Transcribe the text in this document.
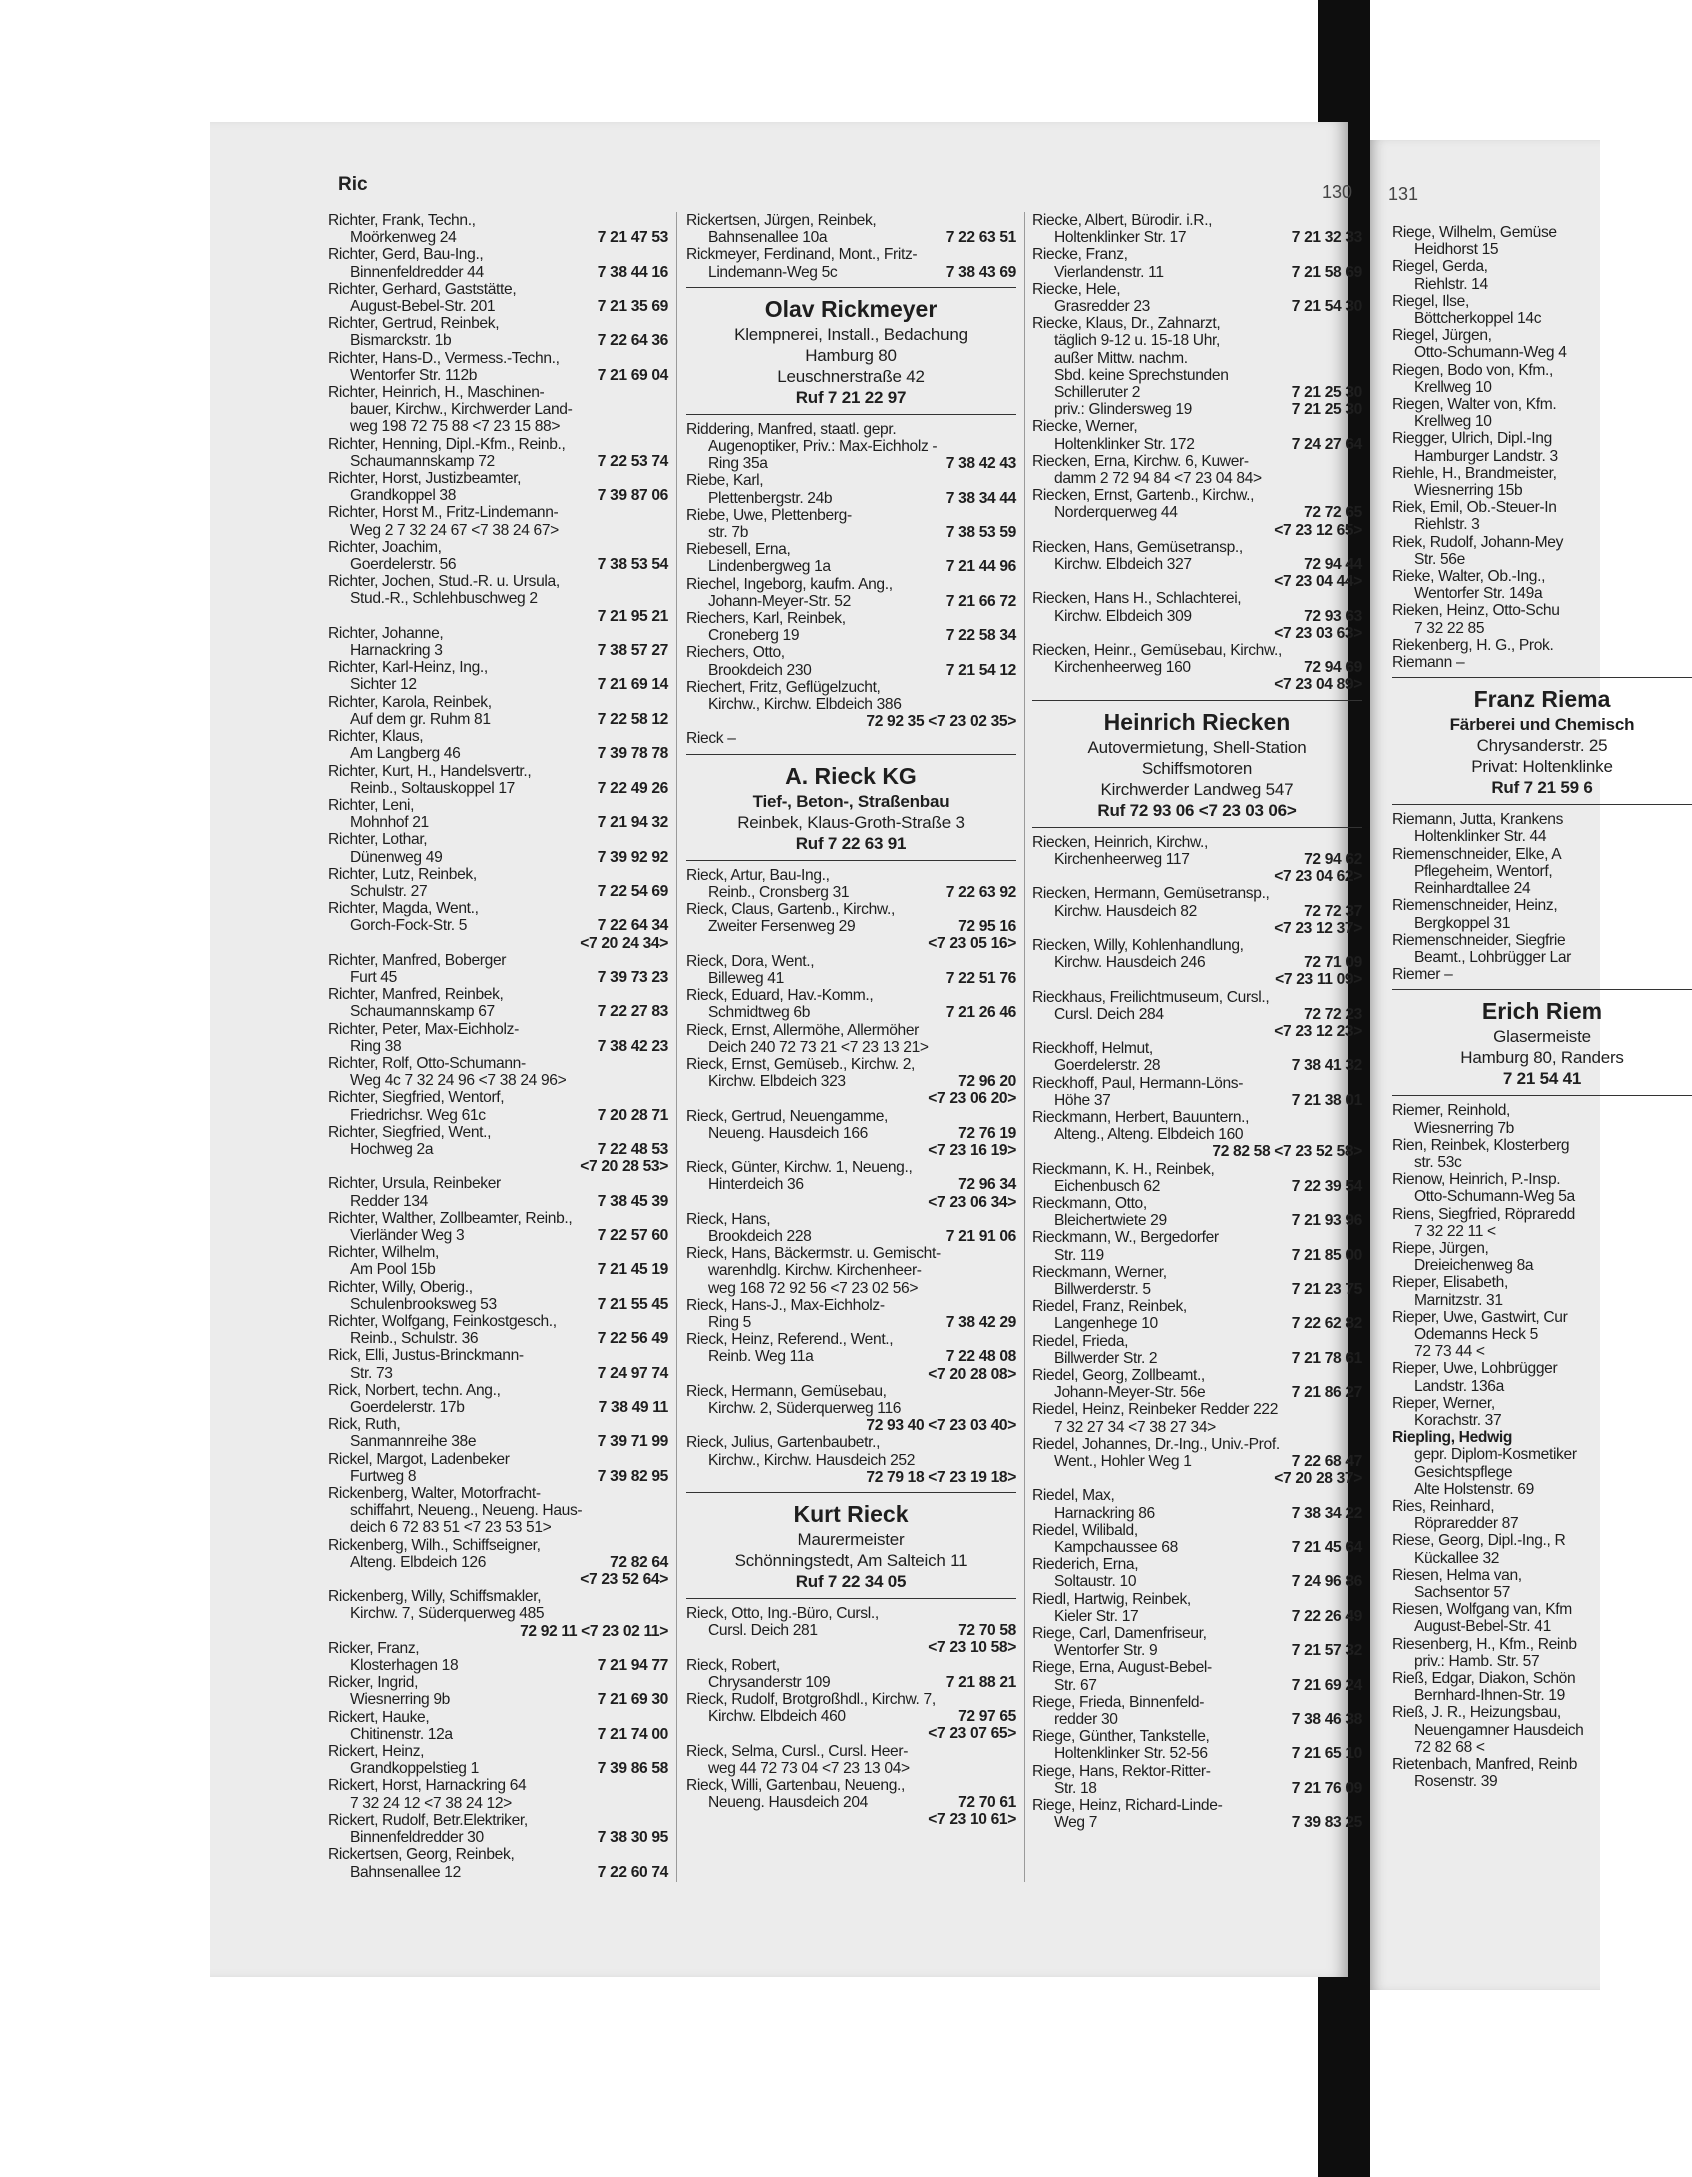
Ric	130
Richter, Frank, Techn.,
Moörkenweg 24	7 21 47 53
Richter, Gerd, Bau-Ing.,
Binnenfeldredder 44	7 38 44 16
Richter, Gerhard, Gaststätte,
August-Bebel-Str. 201	7 21 35 69
Richter, Gertrud, Reinbek,
Bismarckstr. 1b	7 22 64 36
Richter, Hans-D., Vermess.-Techn.,
Wentorfer Str. 112b	7 21 69 04
Richter, Heinrich, H., Maschinen-
bauer, Kirchw., Kirchwerder Land-
weg 198 72 75 88 <7 23 15 88>
Richter, Henning, Dipl.-Kfm., Reinb.,
Schaumannskamp 72	7 22 53 74
Richter, Horst, Justizbeamter,
Grandkoppel 38	7 39 87 06
Richter, Horst M., Fritz-Lindemann-
Weg 2 7 32 24 67 <7 38 24 67>
Richter, Joachim,
Goerdelerstr. 56	7 38 53 54
Richter, Jochen, Stud.-R. u. Ursula,
Stud.-R., Schlehbuschweg 2
7 21 95 21
Richter, Johanne,
Harnackring 3	7 38 57 27
Richter, Karl-Heinz, Ing.,
Sichter 12	7 21 69 14
Richter, Karola, Reinbek,
Auf dem gr. Ruhm 81	7 22 58 12
Richter, Klaus,
Am Langberg 46	7 39 78 78
Richter, Kurt, H., Handelsvertr.,
Reinb., Soltauskoppel 17	7 22 49 26
Richter, Leni,
Mohnhof 21	7 21 94 32
Richter, Lothar,
Dünenweg 49	7 39 92 92
Richter, Lutz, Reinbek,
Schulstr. 27	7 22 54 69
Richter, Magda, Went.,
Gorch-Fock-Str. 5	7 22 64 34
<7 20 24 34>
Richter, Manfred, Boberger
Furt 45	7 39 73 23
Richter, Manfred, Reinbek,
Schaumannskamp 67	7 22 27 83
Richter, Peter, Max-Eichholz-
Ring 38	7 38 42 23
Richter, Rolf, Otto-Schumann-
Weg 4c 7 32 24 96 <7 38 24 96>
Richter, Siegfried, Wentorf,
Friedrichsr. Weg 61c	7 20 28 71
Richter, Siegfried, Went.,
Hochweg 2a	7 22 48 53
<7 20 28 53>
Richter, Ursula, Reinbeker
Redder 134	7 38 45 39
Richter, Walther, Zollbeamter, Reinb.,
Vierländer Weg 3	7 22 57 60
Richter, Wilhelm,
Am Pool 15b	7 21 45 19
Richter, Willy, Oberig.,
Schulenbrooksweg 53	7 21 55 45
Richter, Wolfgang, Feinkostgesch.,
Reinb., Schulstr. 36	7 22 56 49
Rick, Elli, Justus-Brinckmann-
Str. 73	7 24 97 74
Rick, Norbert, techn. Ang.,
Goerdelerstr. 17b	7 38 49 11
Rick, Ruth,
Sanmannreihe 38e	7 39 71 99
Rickel, Margot, Ladenbeker
Furtweg 8	7 39 82 95
Rickenberg, Walter, Motorfracht-
schiffahrt, Neueng., Neueng. Haus-
deich 6 72 83 51 <7 23 53 51>
Rickenberg, Wilh., Schiffseigner,
Alteng. Elbdeich 126	72 82 64
<7 23 52 64>
Rickenberg, Willy, Schiffsmakler,
Kirchw. 7, Süderquerweg 485
72 92 11 <7 23 02 11>
Ricker, Franz,
Klosterhagen 18	7 21 94 77
Ricker, Ingrid,
Wiesnerring 9b	7 21 69 30
Rickert, Hauke,
Chitinenstr. 12a	7 21 74 00
Rickert, Heinz,
Grandkoppelstieg 1	7 39 86 58
Rickert, Horst, Harnackring 64
7 32 24 12 <7 38 24 12>
Rickert, Rudolf, Betr.Elektriker,
Binnenfeldredder 30	7 38 30 95
Rickertsen, Georg, Reinbek,
Bahnsenallee 12	7 22 60 74
Rickertsen, Jürgen, Reinbek,
Bahnsenallee 10a	7 22 63 51
Rickmeyer, Ferdinand, Mont., Fritz-
Lindemann-Weg 5c	7 38 43 69
Olav Rickmeyer
Klempnerei, Install., Bedachung
Hamburg 80
Leuschnerstraße 42
Ruf 7 21 22 97
Riddering, Manfred, staatl. gepr.
Augenoptiker, Priv.: Max-Eichholz -
Ring 35a	7 38 42 43
Riebe, Karl,
Plettenbergstr. 24b	7 38 34 44
Riebe, Uwe, Plettenberg-
str. 7b	7 38 53 59
Riebesell, Erna,
Lindenbergweg 1a	7 21 44 96
Riechel, Ingeborg, kaufm. Ang.,
Johann-Meyer-Str. 52	7 21 66 72
Riechers, Karl, Reinbek,
Croneberg 19	7 22 58 34
Riechers, Otto,
Brookdeich 230	7 21 54 12
Riechert, Fritz, Geflügelzucht,
Kirchw., Kirchw. Elbdeich 386
72 92 35 <7 23 02 35>
Rieck –
A. Rieck KG
Tief-, Beton-, Straßenbau
Reinbek, Klaus-Groth-Straße 3
Ruf 7 22 63 91
Rieck, Artur, Bau-Ing.,
Reinb., Cronsberg 31	7 22 63 92
Rieck, Claus, Gartenb., Kirchw.,
Zweiter Fersenweg 29	72 95 16
<7 23 05 16>
Rieck, Dora, Went.,
Billeweg 41	7 22 51 76
Rieck, Eduard, Hav.-Komm.,
Schmidtweg 6b	7 21 26 46
Rieck, Ernst, Allermöhe, Allermöher
Deich 240 72 73 21 <7 23 13 21>
Rieck, Ernst, Gemüseb., Kirchw. 2,
Kirchw. Elbdeich 323	72 96 20
<7 23 06 20>
Rieck, Gertrud, Neuengamme,
Neueng. Hausdeich 166	72 76 19
<7 23 16 19>
Rieck, Günter, Kirchw. 1, Neueng.,
Hinterdeich 36	72 96 34
<7 23 06 34>
Rieck, Hans,
Brookdeich 228	7 21 91 06
Rieck, Hans, Bäckermstr. u. Gemischt-
warenhdlg. Kirchw. Kirchenheer-
weg 168 72 92 56 <7 23 02 56>
Rieck, Hans-J., Max-Eichholz-
Ring 5	7 38 42 29
Rieck, Heinz, Referend., Went.,
Reinb. Weg 11a	7 22 48 08
<7 20 28 08>
Rieck, Hermann, Gemüsebau,
Kirchw. 2, Süderquerweg 116
72 93 40 <7 23 03 40>
Rieck, Julius, Gartenbaubetr.,
Kirchw., Kirchw. Hausdeich 252
72 79 18 <7 23 19 18>
Kurt Rieck
Maurermeister
Schönningstedt, Am Salteich 11
Ruf 7 22 34 05
Rieck, Otto, Ing.-Büro, Cursl.,
Cursl. Deich 281	72 70 58
<7 23 10 58>
Rieck, Robert,
Chrysanderstr 109	7 21 88 21
Rieck, Rudolf, Brotgroßhdl., Kirchw. 7,
Kirchw. Elbdeich 460	72 97 65
<7 23 07 65>
Rieck, Selma, Cursl., Cursl. Heer-
weg 44 72 73 04 <7 23 13 04>
Rieck, Willi, Gartenbau, Neueng.,
Neueng. Hausdeich 204	72 70 61
<7 23 10 61>
Riecke, Albert, Bürodir. i.R.,
Holtenklinker Str. 17	7 21 32 33
Riecke, Franz,
Vierlandenstr. 11	7 21 58 69
Riecke, Hele,
Grasredder 23	7 21 54 30
Riecke, Klaus, Dr., Zahnarzt,
täglich 9-12 u. 15-18 Uhr,
außer Mittw. nachm.
Sbd. keine Sprechstunden
Schilleruter 2	7 21 25 30
priv.: Glindersweg 19	7 21 25 30
Riecke, Werner,
Holtenklinker Str. 172	7 24 27 64
Riecken, Erna, Kirchw. 6, Kuwer-
damm 2 72 94 84 <7 23 04 84>
Riecken, Ernst, Gartenb., Kirchw.,
Norderquerweg 44	72 72 65
<7 23 12 65>
Riecken, Hans, Gemüsetransp.,
Kirchw. Elbdeich 327	72 94 44
<7 23 04 44>
Riecken, Hans H., Schlachterei,
Kirchw. Elbdeich 309	72 93 63
<7 23 03 63>
Riecken, Heinr., Gemüsebau, Kirchw.,
Kirchenheerweg 160	72 94 69
<7 23 04 89>
Heinrich Riecken
Autovermietung, Shell-Station
Schiffsmotoren
Kirchwerder Landweg 547
Ruf 72 93 06 <7 23 03 06>
Riecken, Heinrich, Kirchw.,
Kirchenheerweg 117	72 94 62
<7 23 04 62>
Riecken, Hermann, Gemüsetransp.,
Kirchw. Hausdeich 82	72 72 37
<7 23 12 37>
Riecken, Willy, Kohlenhandlung,
Kirchw. Hausdeich 246	72 71 09
<7 23 11 09>
Rieckhaus, Freilichtmuseum, Cursl.,
Cursl. Deich 284	72 72 23
<7 23 12 23>
Rieckhoff, Helmut,
Goerdelerstr. 28	7 38 41 32
Rieckhoff, Paul, Hermann-Löns-
Höhe 37	7 21 38 01
Rieckmann, Herbert, Bauuntern.,
Alteng., Alteng. Elbdeich 160
72 82 58 <7 23 52 58>
Rieckmann, K. H., Reinbek,
Eichenbusch 62	7 22 39 54
Rieckmann, Otto,
Bleichertwiete 29	7 21 93 96
Rieckmann, W., Bergedorfer
Str. 119	7 21 85 00
Rieckmann, Werner,
Billwerderstr. 5	7 21 23 75
Riedel, Franz, Reinbek,
Langenhege 10	7 22 62 82
Riedel, Frieda,
Billwerder Str. 2	7 21 78 61
Riedel, Georg, Zollbeamt.,
Johann-Meyer-Str. 56e	7 21 86 27
Riedel, Heinz, Reinbeker Redder 222
7 32 27 34 <7 38 27 34>
Riedel, Johannes, Dr.-Ing., Univ.-Prof.
Went., Hohler Weg 1	7 22 68 47
<7 20 28 37>
Riedel, Max,
Harnackring 86	7 38 34 22
Riedel, Wilibald,
Kampchaussee 68	7 21 45 64
Riederich, Erna,
Soltaustr. 10	7 24 96 86
Riedl, Hartwig, Reinbek,
Kieler Str. 17	7 22 26 49
Riege, Carl, Damenfriseur,
Wentorfer Str. 9	7 21 57 32
Riege, Erna, August-Bebel-
Str. 67	7 21 69 24
Riege, Frieda, Binnenfeld-
redder 30	7 38 46 38
Riege, Günther, Tankstelle,
Holtenklinker Str. 52-56	7 21 65 10
Riege, Hans, Rektor-Ritter-
Str. 18	7 21 76 09
Riege, Heinz, Richard-Linde-
Weg 7	7 39 83 25
131
Riege, Wilhelm, Gemüse
Heidhorst 15
Riegel, Gerda,
Riehlstr. 14
Riegel, Ilse,
Böttcherkoppel 14c
Riegel, Jürgen,
Otto-Schumann-Weg 4
Riegen, Bodo von, Kfm.,
Krellweg 10
Riegen, Walter von, Kfm.
Krellweg 10
Riegger, Ulrich, Dipl.-Ing
Hamburger Landstr. 3
Riehle, H., Brandmeister,
Wiesnerring 15b
Riek, Emil, Ob.-Steuer-In
Riehlstr. 3
Riek, Rudolf, Johann-Mey
Str. 56e
Rieke, Walter, Ob.-Ing.,
Wentorfer Str. 149a
Rieken, Heinz, Otto-Schu
7 32 22 85
Riekenberg, H. G., Prok.
Riemann –
Franz Riema
Färberei und Chemisch
Chrysanderstr. 25
Privat: Holtenklinke
Ruf 7 21 59 6
Riemann, Jutta, Krankens
Holtenklinker Str. 44
Riemenschneider, Elke, A
Pflegeheim, Wentorf,
Reinhardtallee 24
Riemenschneider, Heinz,
Bergkoppel 31
Riemenschneider, Siegfrie
Beamt., Lohbrügger Lar
Riemer –
Erich Riem
Glasermeiste
Hamburg 80, Randers
7 21 54 41
Riemer, Reinhold,
Wiesnerring 7b
Rien, Reinbek, Klosterberg
str. 53c
Rienow, Heinrich, P.-Insp.
Otto-Schumann-Weg 5a
Riens, Siegfried, Röpraredd
7 32 22 11 <
Riepe, Jürgen,
Dreieichenweg 8a
Rieper, Elisabeth,
Marnitzstr. 31
Rieper, Uwe, Gastwirt, Cur
Odemanns Heck 5
72 73 44 <
Rieper, Uwe, Lohbrügger
Landstr. 136a
Rieper, Werner,
Korachstr. 37
Riepling, Hedwig
gepr. Diplom-Kosmetiker
Gesichtspflege
Alte Holstenstr. 69
Ries, Reinhard,
Röpraredder 87
Riese, Georg, Dipl.-Ing., R
Kückallee 32
Riesen, Helma van,
Sachsentor 57
Riesen, Wolfgang van, Kfm
August-Bebel-Str. 41
Riesenberg, H., Kfm., Reinb
priv.: Hamb. Str. 57
Rieß, Edgar, Diakon, Schön
Bernhard-Ihnen-Str. 19
Rieß, J. R., Heizungsbau,
Neuengamner Hausdeich
72 82 68 <
Rietenbach, Manfred, Reinb
Rosenstr. 39
